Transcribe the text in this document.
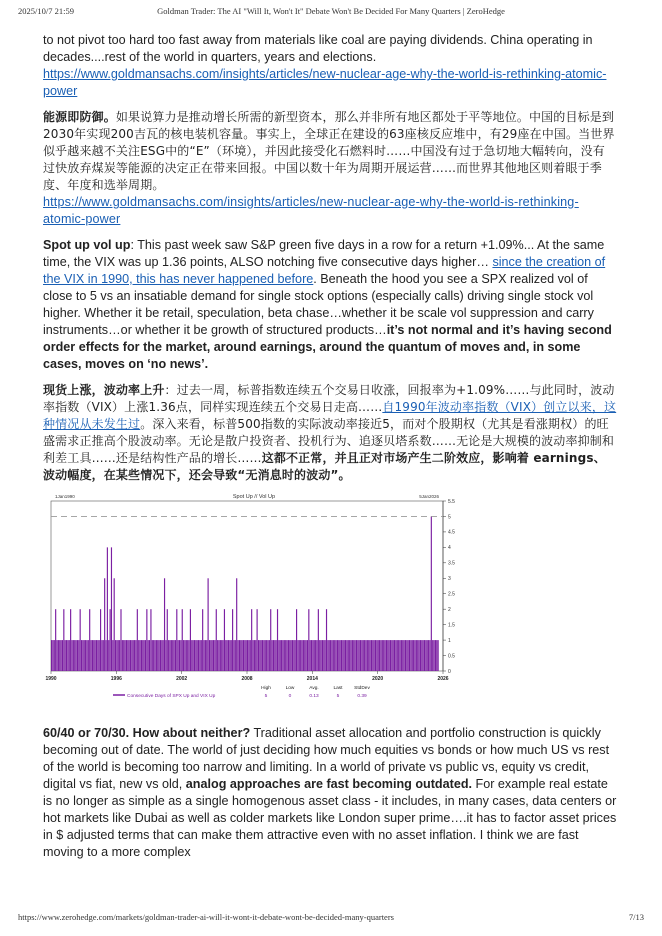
2025/10/7 21:59	Goldman Trader: The AI "Will It, Won't It" Debate Won't Be Decided For Many Quarters | ZeroHedge

to not pivot too hard too fast away from materials like coal are paying dividends. China operating in decades....rest of the world in quarters, years and elections.
https://www.goldmansachs.com/insights/articles/new-nuclear-age-why-the-world-is-rethinking-atomic-power

能源即防御。如果说算力是推动增长所需的新型资本，那么并非所有地区都处于平等地位。中国的目标是到2030年实现200吉瓦的核电装机容量。事实上，全球正在建设的63座核反应堆中，有29座在中国。当世界似乎越来越不关注ESG中的“E”（环境），并因此接受化石燃料时……中国没有过于急切地大幅转向，没有过快放弃煤炭等能源的决定正在带来回报。中国以数十年为周期开展运营……而世界其他地区则着眼于季度、年度和选举周期。
https://www.goldmansachs.com/insights/articles/new-nuclear-age-why-the-world-is-rethinking-atomic-power

Spot up vol up: This past week saw S&P green five days in a row for a return +1.09%... At the same time, the VIX was up 1.36 points, ALSO notching five consecutive days higher… since the creation of the VIX in 1990, this has never happened before. Beneath the hood you see a SPX realized vol of close to 5 vs an insatiable demand for single stock options (especially calls) driving single stock vol higher. Whether it be retail, speculation, beta chase…whether it be scale vol suppression and carry instruments…or whether it be growth of structured products…it’s not normal and it’s having second order effects for the market, around earnings, around the quantum of moves and, in some cases, moves on ‘no news’.

现货上涨，波动率上升：过去一周，标普指数连续五个交易日收涨，回报率为+1.09%……与此同时，波动率指数（VIX）上涨1.36点，同样实现连续五个交易日走高……自1990年波动率指数（VIX）创立以来，这种情况从未发生过。深入来看，标普500指数的实际波动率接近5，而对个股期权（尤其是看涨期权）的旺盛需求正推高个股波动率。无论是散户投资者、投机行为、追逐贝塔系数……无论是大规模的波动率抑制和利差工具……还是结构性产品的增长……这都不正常，并且正对市场产生二阶效应，影响着 earnings、波动幅度，在某些情况下，还会导致“无消息时的波动”。

0
0.5
1
1.5
2
2.5
3
3.5
4
4.5
5
5.5
1990	1996	2002	2008	2014	2020	2026
Spot Up // Vol Up
1Jan1990	5Jan2026
Consecutive Days of SPX Up and VIX Up
High
5
Low
0
Avg.
0.13
Last
5
StdDev
0.39

60/40 or 70/30. How about neither? Traditional asset allocation and portfolio construction is quickly becoming out of date. The world of just deciding how much equities vs bonds or how much US vs rest of the world is becoming too narrow and limiting. In a world of private vs public vs, equity vs credit, digital vs fiat, new vs old, analog approaches are fast becoming outdated. For example real estate is no longer as simple as a single homogenous asset class - it includes, in many cases, data centers or hot markets like Dubai as well as colder markets like London super prime….it has to factor asset prices in $ adjusted terms that can make them attractive even with no asset inflation. I think we are fast moving to a more complex

https://www.zerohedge.com/markets/goldman-trader-ai-will-it-wont-it-debate-wont-be-decided-many-quarters	7/13
